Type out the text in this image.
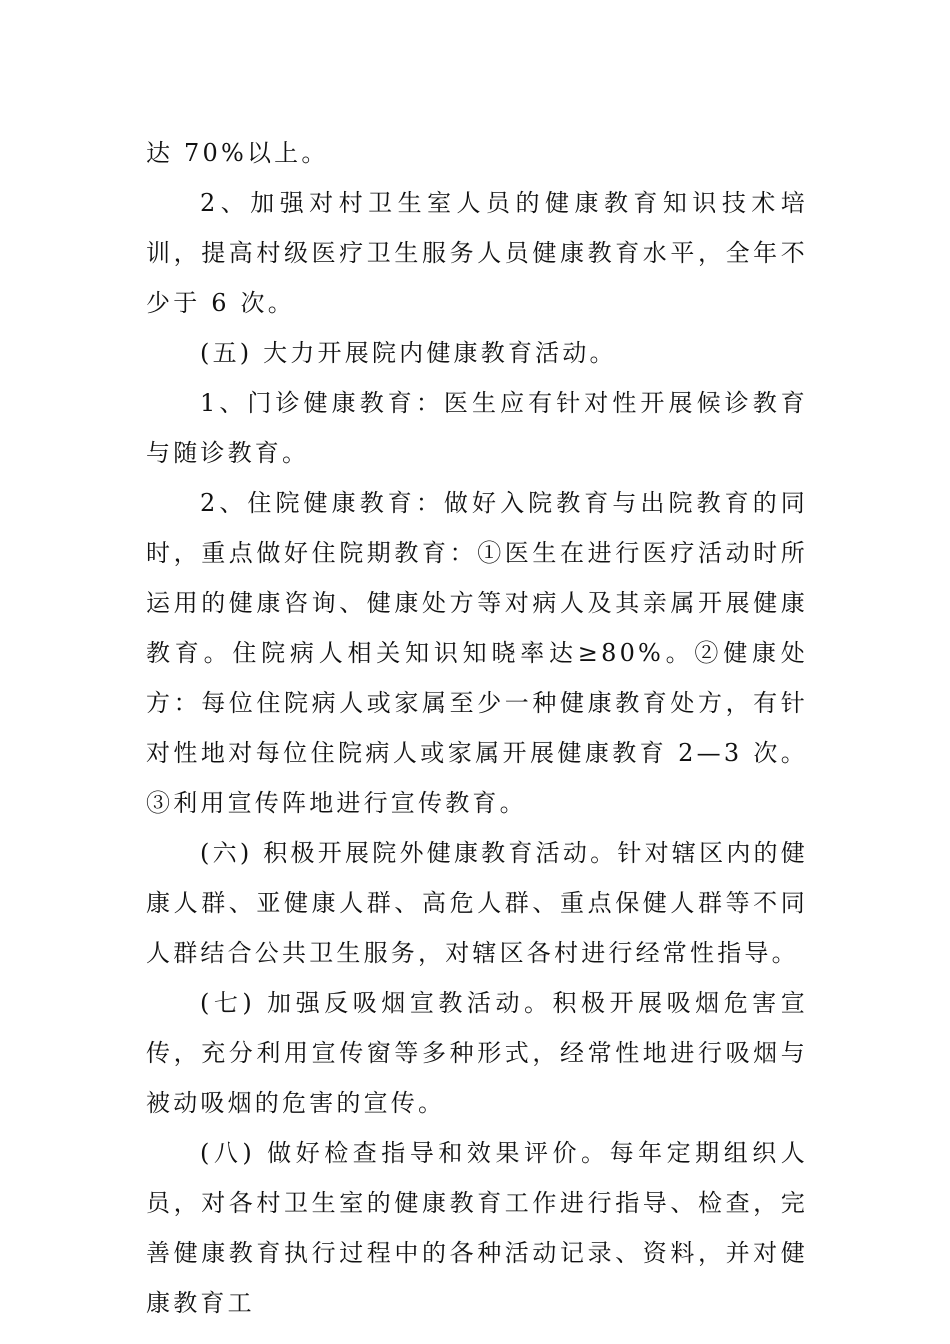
达 70%以上。

2、加强对村卫生室人员的健康教育知识技术培训，提高村级医疗卫生服务人员健康教育水平，全年不少于 6 次。

(五) 大力开展院内健康教育活动。

1、门诊健康教育：医生应有针对性开展候诊教育与随诊教育。

2、住院健康教育：做好入院教育与出院教育的同时，重点做好住院期教育：①医生在进行医疗活动时所运用的健康咨询、健康处方等对病人及其亲属开展健康教育。住院病人相关知识知晓率达≥80%。②健康处方：每位住院病人或家属至少一种健康教育处方，有针对性地对每位住院病人或家属开展健康教育 2—3 次。③利用宣传阵地进行宣传教育。

(六) 积极开展院外健康教育活动。针对辖区内的健康人群、亚健康人群、高危人群、重点保健人群等不同人群结合公共卫生服务，对辖区各村进行经常性指导。

(七) 加强反吸烟宣教活动。积极开展吸烟危害宣传，充分利用宣传窗等多种形式，经常性地进行吸烟与被动吸烟的危害的宣传。

(八) 做好检查指导和效果评价。每年定期组织人员，对各村卫生室的健康教育工作进行指导、检查，完善健康教育执行过程中的各种活动记录、资料，并对健康教育工
